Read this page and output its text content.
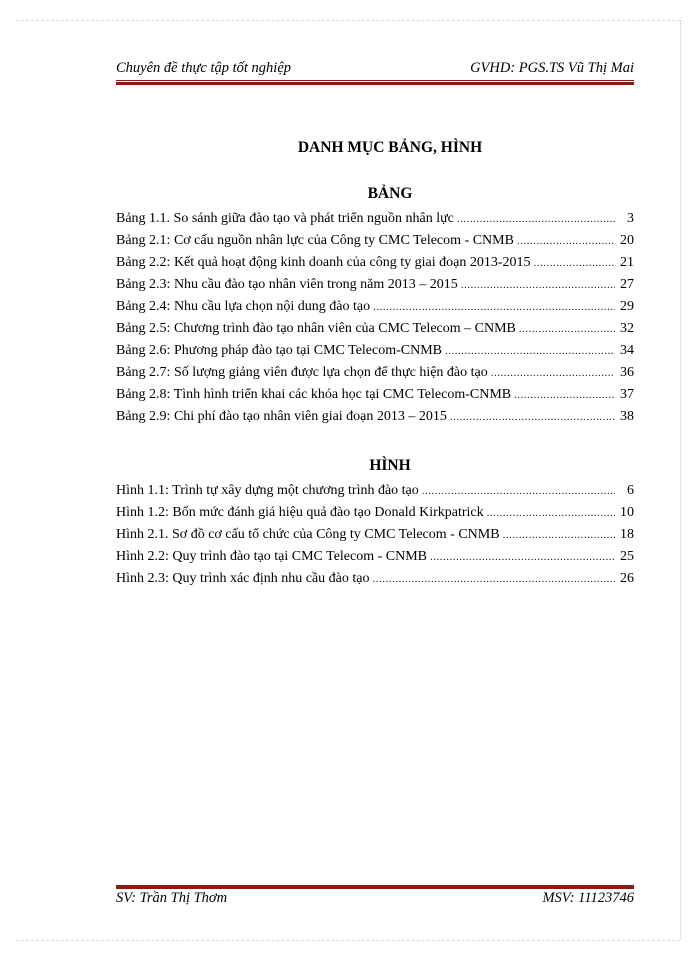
Chuyên đề thực tập tốt nghiệp	GVHD: PGS.TS Vũ Thị Mai
DANH MỤC BẢNG, HÌNH
BẢNG
Bảng 1.1. So sánh giữa đào tạo và phát triển nguồn nhân lực .....	3
Bảng 2.1: Cơ cấu nguồn nhân lực của Công ty CMC Telecom - CNMB .....	20
Bảng 2.2: Kết quả hoạt động kinh doanh của công ty giai đoạn 2013-2015 .....	21
Bảng 2.3: Nhu cầu đào tạo nhân viên trong năm 2013 – 2015 .....	27
Bảng 2.4: Nhu cầu lựa chọn nội dung đào tạo .....	29
Bảng 2.5: Chương trình đào tạo nhân viên của CMC Telecom – CNMB .....	32
Bảng 2.6: Phương pháp đào tạo tại CMC Telecom-CNMB .....	34
Bảng 2.7: Số lượng giảng viên được lựa chọn để thực hiện đào tạo .....	36
Bảng 2.8: Tình hình triển khai các khóa học tại CMC Telecom-CNMB .....	37
Bảng 2.9: Chi phí đào tạo nhân viên giai đoạn 2013 – 2015 .....	38
HÌNH
Hình 1.1: Trình tự xây dựng một chương trình đào tạo .....	6
Hình 1.2: Bốn mức đánh giá hiệu quả đào tạo Donald Kirkpatrick .....	10
Hình 2.1. Sơ đồ cơ cấu tổ chức của Công ty CMC Telecom - CNMB .....	18
Hình 2.2: Quy trình đào tạo tại CMC Telecom - CNMB .....	25
Hình 2.3: Quy trình xác định nhu cầu đào tạo .....	26
SV: Trần Thị Thơm	MSV: 11123746
